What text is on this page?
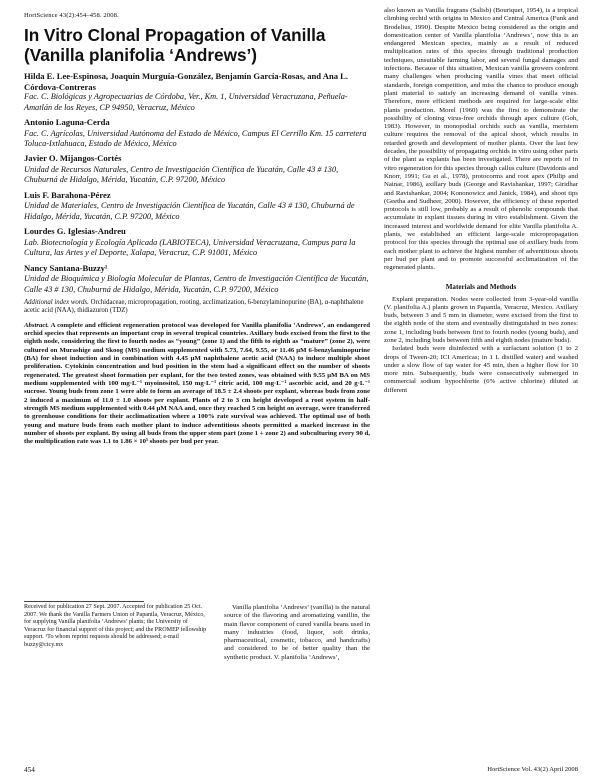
HortScience 43(2):454–458. 2008.
In Vitro Clonal Propagation of Vanilla
(Vanilla planifolia ‘Andrews’)

Hilda E. Lee-Espinosa, Joaquín Murguía-González, Benjamín García-Rosas, and Ana L. Córdova-Contreras

Fac. C. Biológicas y Agropecuarias de Córdoba, Ver., Km. 1, Universidad Veracruzana, Peñuela-Amatlán de los Reyes, CP 94950, Veracruz, México

Antonio Laguna-Cerda

Fac. C. Agrícolas, Universidad Autónoma del Estado de México, Campus El Cerrillo Km. 15 carretera Toluca-Ixtlahuaca, Estado de México, México

Javier O. Mijangos-Cortés

Unidad de Recursos Naturales, Centro de Investigación Científica de Yucatán, Calle 43 # 130, Chuburná de Hidalgo, Mérida, Yucatán, C.P. 97200, México

Luis F. Barahona-Pérez

Unidad de Materiales, Centro de Investigación Científica de Yucatán, Calle 43 # 130, Chuburná de Hidalgo, Mérida, Yucatán, C.P. 97200, México

Lourdes G. Iglesias-Andreu

Lab. Biotecnología y Ecología Aplicada (LABIOTECA), Universidad Veracruzana, Campus para la Cultura, las Artes y el Deporte, Xalapa, Veracruz, C.P. 91001, México

Nancy Santana-Buzzy¹

Unidad de Bioquímica y Biología Molecular de Plantas, Centro de Investigación Científica de Yucatán, Calle 43 # 130, Chuburná de Hidalgo, Mérida, Yucatán, C.P. 97200, México

Additional index words. Orchidaceae, micropropagation, rooting, acclimatization, 6-benzylaminopurine (BA), α-naphthalene acetic acid (NAA), thidiazuron (TDZ)

Abstract. A complete and efficient regeneration protocol was developed for Vanilla planifolia ‘Andrews’, an endangered orchid species that represents an important crop in several tropical countries. Axillary buds excised from the first to the eighth node, considering the first to fourth nodes as “young” (zone 1) and the fifth to eighth as “mature” (zone 2), were cultured on Murashige and Skoog (MS) medium supplemented with 5.73, 7.64, 9.55, or 11.46 μM 6-benzylaminopurine (BA) for shoot induction and in combination with 4.45 μM naphthalene acetic acid (NAA) to induce multiple shoot proliferation. Cytokinin concentration and bud position in the stem had a significant effect on the number of shoots regenerated. The greatest shoot formation per explant, for the two tested zones, was obtained with 9.55 μM BA on MS medium supplemented with 100 mg·L⁻¹ myoinositol, 150 mg·L⁻¹ citric acid, 100 mg·L⁻¹ ascorbic acid, and 20 g·L⁻¹ sucrose. Young buds from zone 1 were able to form an average of 18.5 ± 2.4 shoots per explant, whereas buds from zone 2 induced a maximum of 11.0 ± 1.0 shoots per explant. Plants of 2 to 3 cm height developed a root system in half-strength MS medium supplemented with 0.44 μM NAA and, once they reached 5 cm height on average, were transferred to greenhouse conditions for their acclimatization where a 100% rate survival was achieved. The optimal use of both young and mature buds from each mother plant to induce adventitious shoots permitted a marked increase in the number of shoots per explant. By using all buds from the upper stem part (zone 1 + zone 2) and subculturing every 90 d, the multiplication rate was 1.1 to 1.86 × 10⁵ shoots per bud per year.

Received for publication 27 Sept. 2007. Accepted for publication 25 Oct. 2007. We thank the Vanilla Farmers Union of Papantla, Veracruz, México, for supplying Vanilla planifolia ‘Andrews’ plants; the University of Veracruz for financial support of this project; and the PROMEP fellowship support. ¹To whom reprint requests should be addressed; e-mail buzzy@cicy.mx
Vanilla planifolia ‘Andrews’ (vanilla) is the natural source of the flavoring and aromatizing vanillin, the main flavor component of cured vanilla beans used in many industries (food, liquor, soft drinks, pharmaceutical, cosmetic, tobacco, and handcrafts) and considered to be of better quality than the synthetic product. V. planifolia ‘Andrews’,

also known as Vanilla fragrans (Salisb) (Bouriquet, 1954), is a tropical climbing orchid with origins in Mexico and Central America (Funk and Brodelius, 1990). Despite Mexico being considered as the origin and domestication center of Vanilla planifolia ‘Andrews’, now this is an endangered Mexican species, mainly as a result of reduced multiplication rates of this species through traditional production techniques, unsuitable farming labor, and several fungal damages and infections. Because of this situation, Mexican vanilla growers confront many challenges when producing vanilla vines that meet official standards, foreign competition, and miss the chance to produce enough plant material to satisfy an increasing demand of vanilla vines. Therefore, more efficient methods are required for large-scale elite plants production. Morel (1960) was the first to demonstrate the possibility of cloning virus-free orchids through apex culture (Goh, 1983). However, in monopodial orchids such as vanilla, meristem culture requires the removal of the apical shoot, which results in retarded growth and development of mother plants. Over the last few decades, the possibility of propagating orchids in vitro using other parts of the plant as explants has been investigated. There are reports of in vitro regeneration for this species through callus culture (Davidonis and Knorr, 1991; Gu et al., 1978), protocorms and root apex (Philip and Nainar, 1986), axillary buds (George and Ravishankar, 1997; Giridhar and Ravishankar, 2004; Kononowicz and Janick, 1984), and shoot tips (Geetha and Sudheer, 2000). However, the efficiency of these reported protocols is still low, probably as a result of phenolic compounds that accumulate in explant tissues during in vitro establishment. Given the increased interest and worldwide demand for elite Vanilla planifolia A. plants, we established an efficient large-scale micropropagation protocol for this species through the optimal use of axillary buds from each mother plant to achieve the highest number of adventitious shoots per bud per plant and to promote successful acclimatization of the regenerated plants.

Materials and Methods

Explant preparation. Nodes were collected from 3-year-old vanilla (V. planifolia A.) plants grown in Papantla, Veracruz, Mexico. Axillary buds, between 3 and 5 mm in diameter, were excised from the first to the eighth node of the stem and eventually distinguished in two zones: zone 1, including buds between first to fourth nodes (young buds), and zone 2, including buds between fifth and eighth nodes (mature buds).

Isolated buds were disinfected with a surfactant solution (1 to 2 drops of Tween-20; ICI Americas; in 1 L distilled water) and washed under a slow flow of tap water for 45 min, then a higher flow for 10 more min. Subsequently, buds were consecutively submerged in commercial sodium hypochlorite (6% active chlorine) diluted at different

454	HortScience Vol. 43(2) April 2008
